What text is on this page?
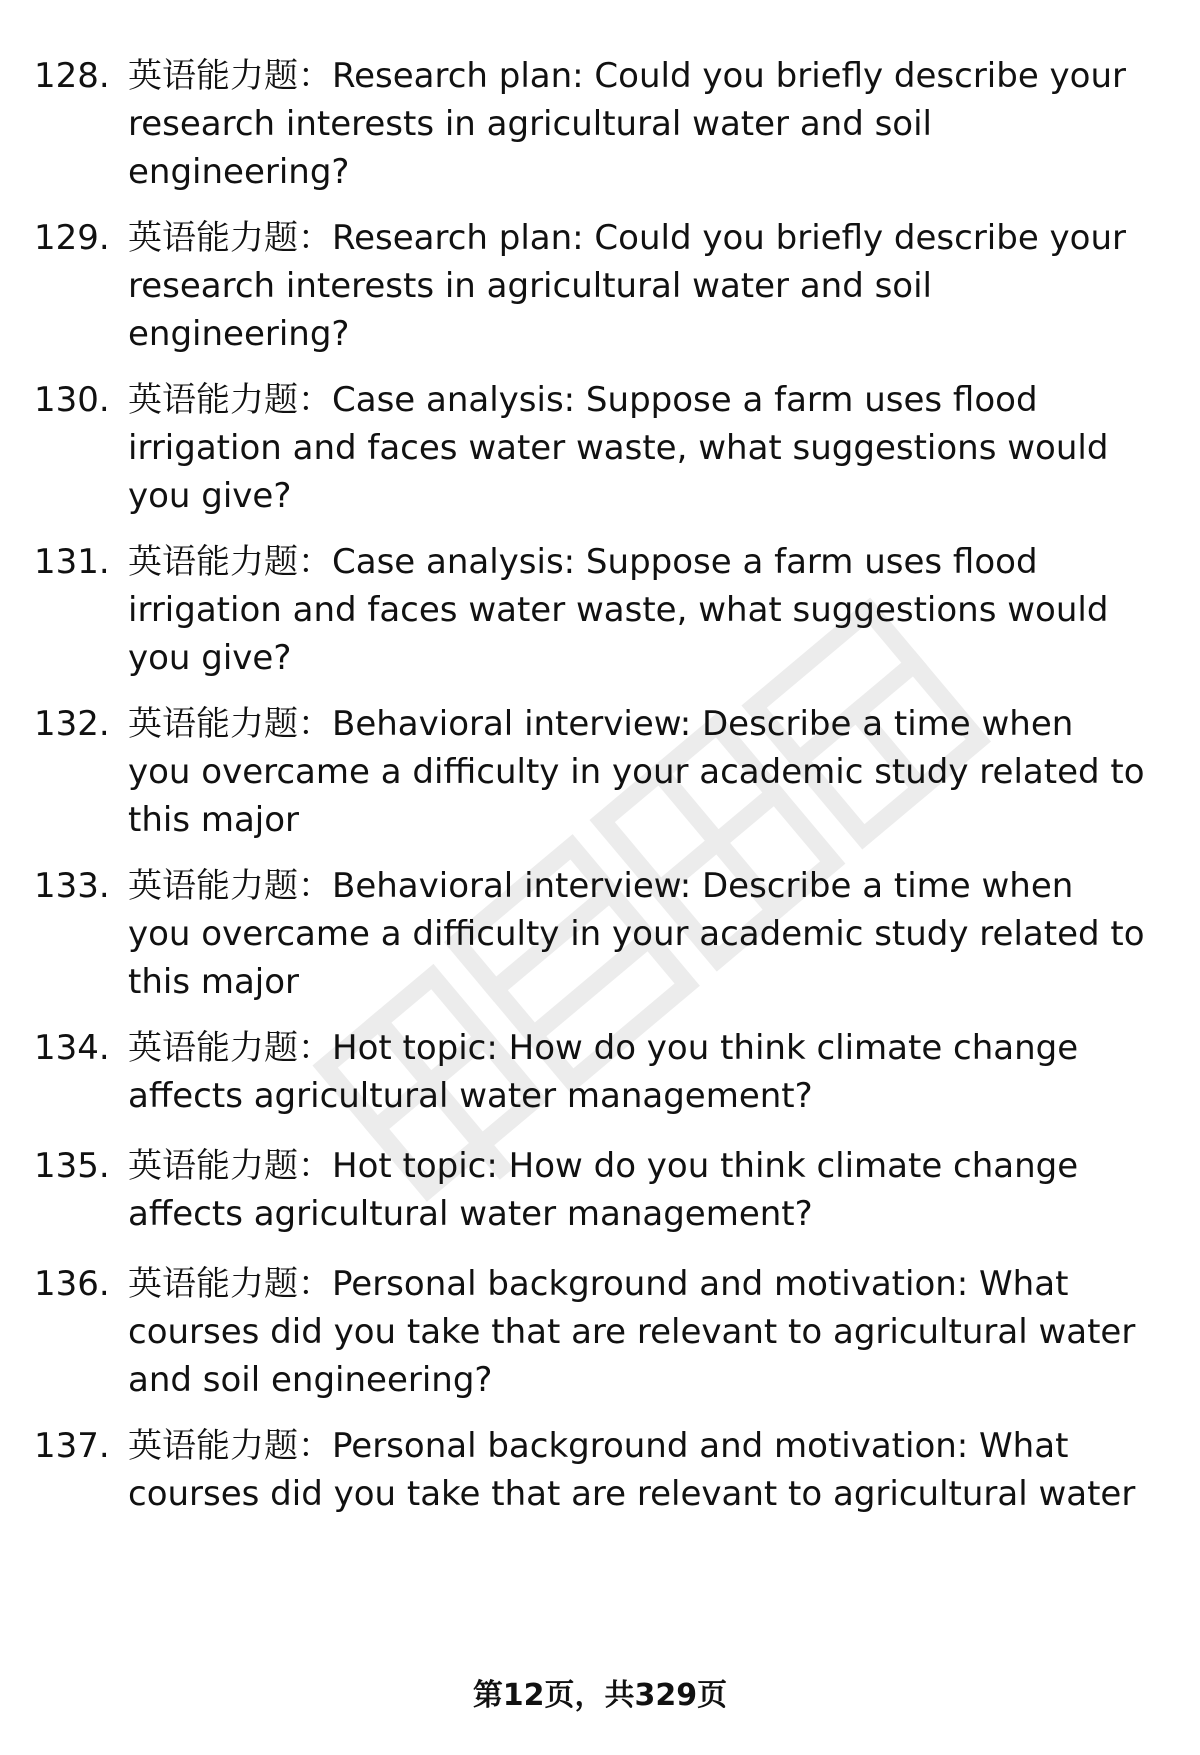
128. 英语能力题：Research plan: Could you briefly describe your
research interests in agricultural water and soil
engineering?
129. 英语能力题：Research plan: Could you briefly describe your
research interests in agricultural water and soil
engineering?
130. 英语能力题：Case analysis: Suppose a farm uses flood
irrigation and faces water waste, what suggestions would
you give?
131. 英语能力题：Case analysis: Suppose a farm uses flood
irrigation and faces water waste, what suggestions would
you give?
132. 英语能力题：Behavioral interview: Describe a time when
you overcame a difficulty in your academic study related to
this major
133. 英语能力题：Behavioral interview: Describe a time when
you overcame a difficulty in your academic study related to
this major
134. 英语能力题：Hot topic: How do you think climate change
affects agricultural water management?
135. 英语能力题：Hot topic: How do you think climate change
affects agricultural water management?
136. 英语能力题：Personal background and motivation: What
courses did you take that are relevant to agricultural water
and soil engineering?
137. 英语能力题：Personal background and motivation: What
courses did you take that are relevant to agricultural water
第12页，共329页
